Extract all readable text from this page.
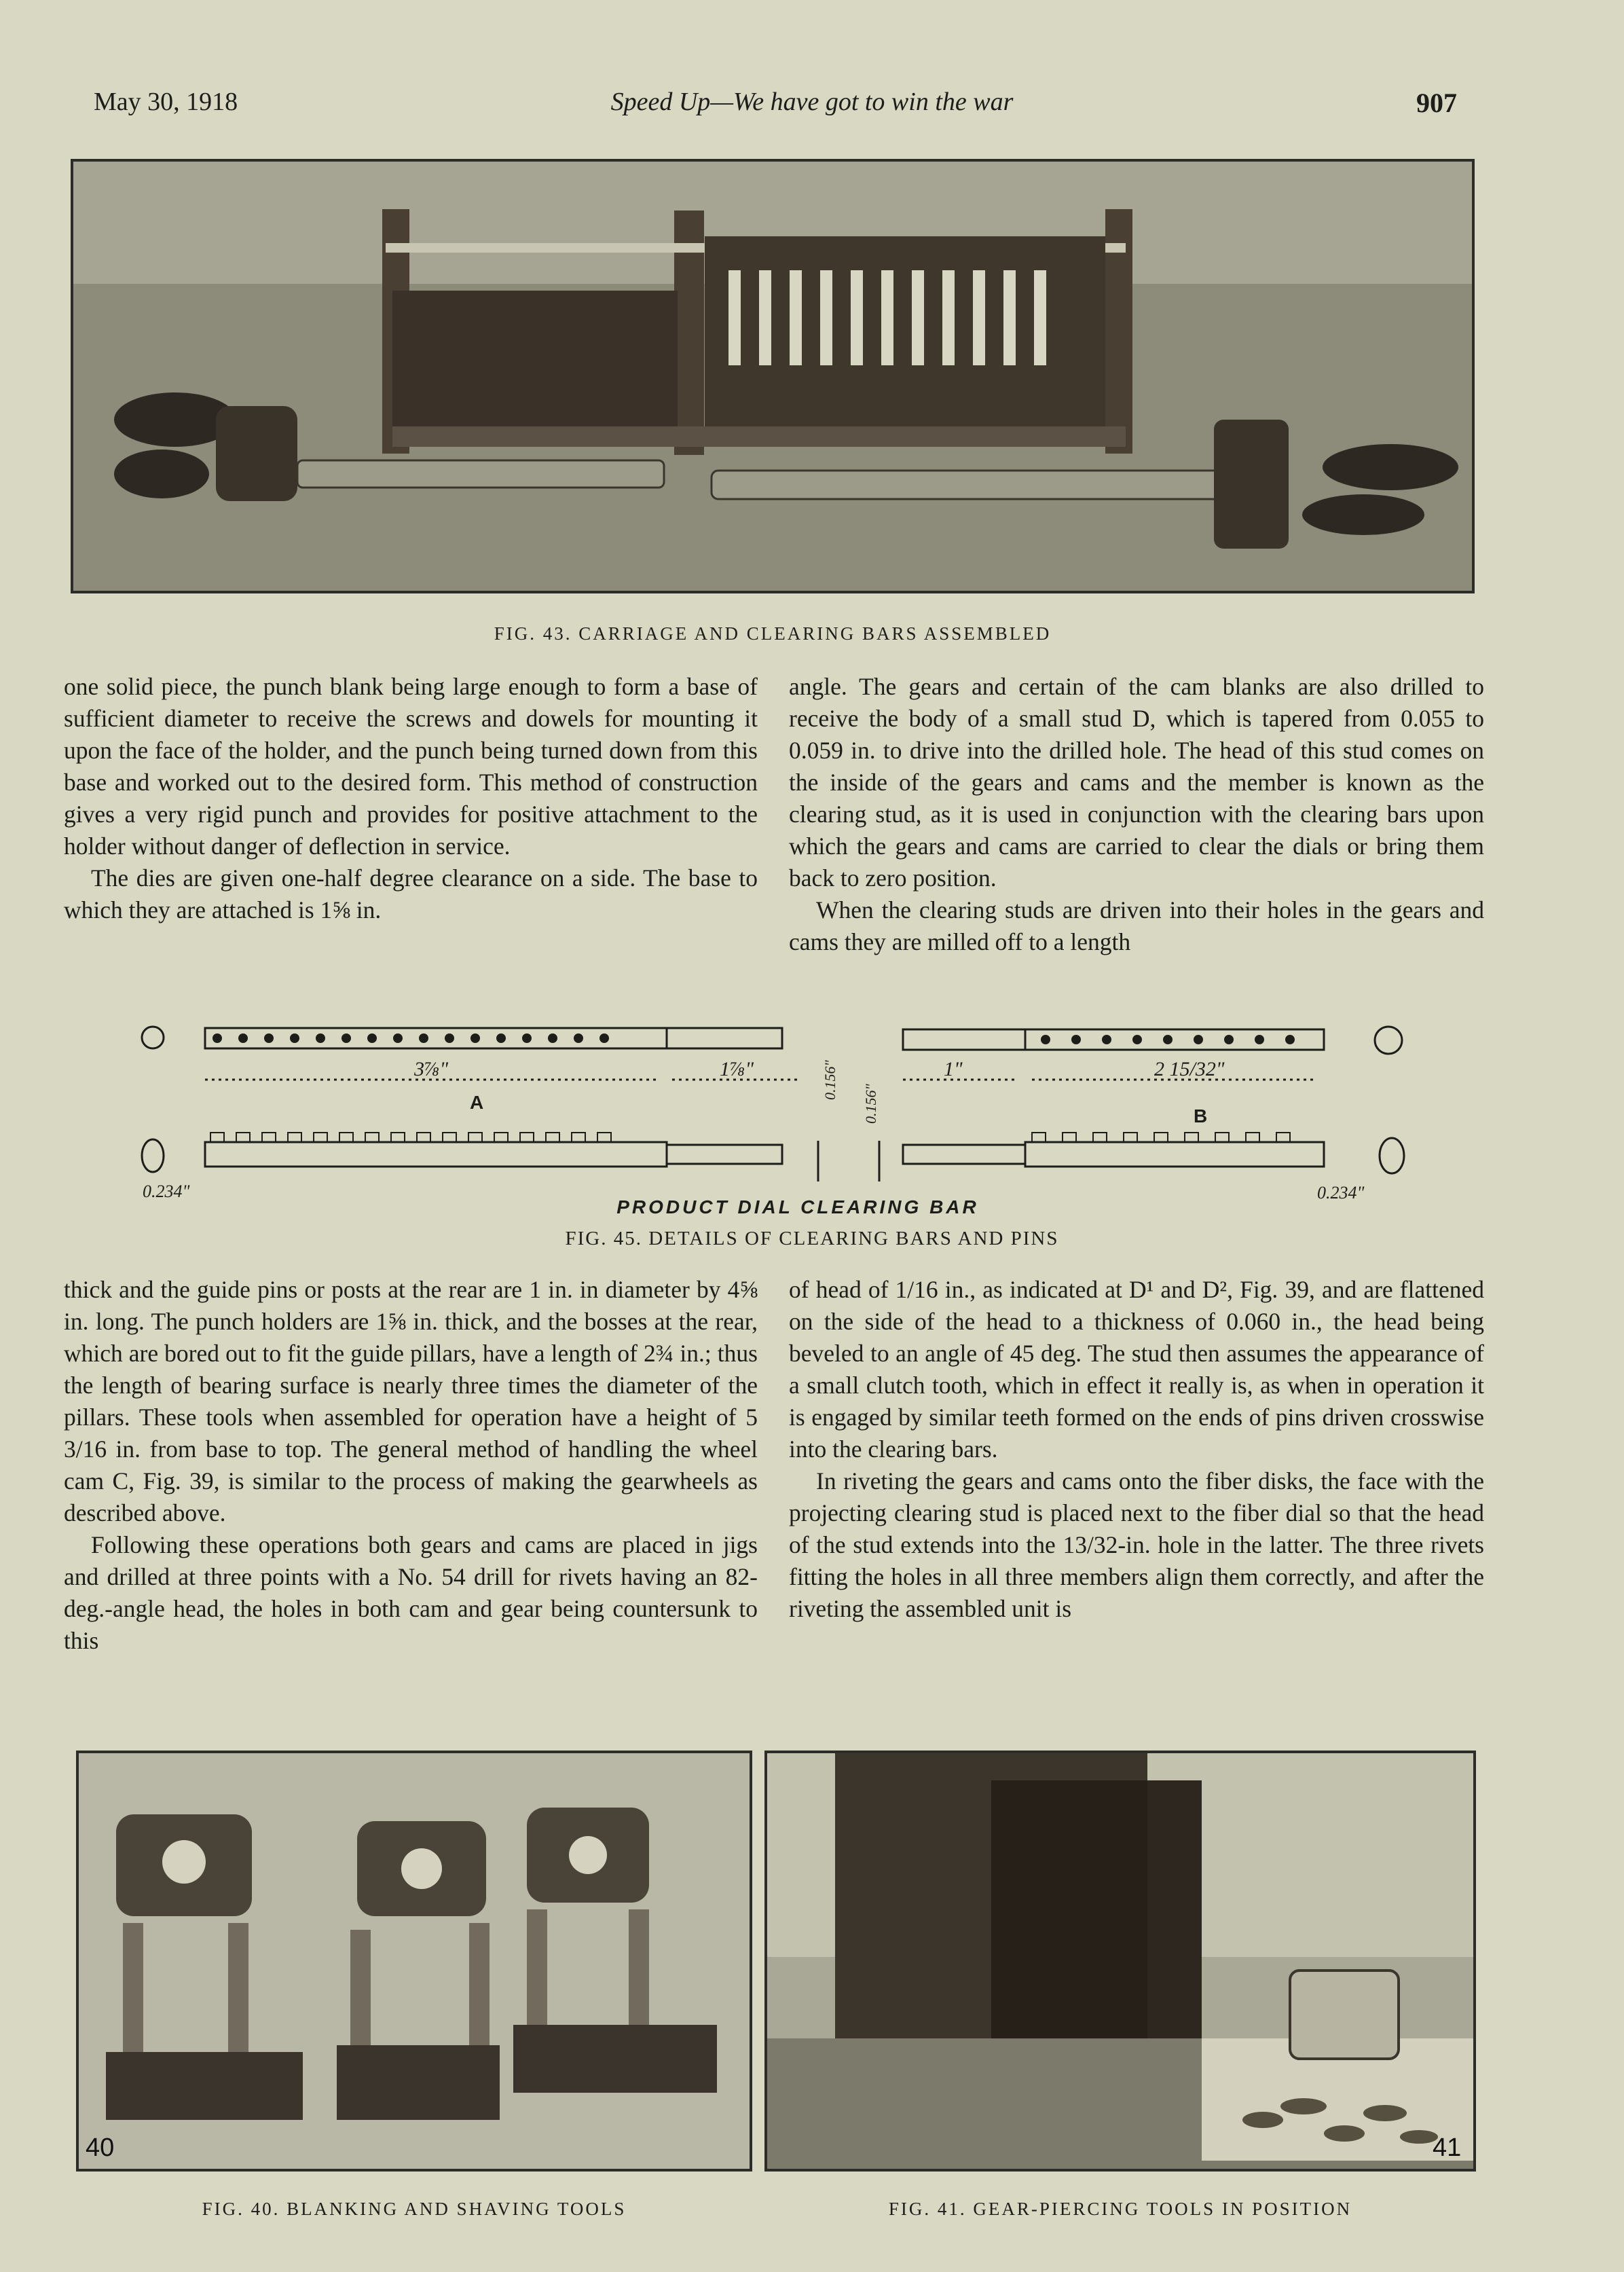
May 30, 1918	Speed Up—We have got to win the war	907
FIG. 43. CARRIAGE AND CLEARING BARS ASSEMBLED

one solid piece, the punch blank being large enough to form a base of sufficient diameter to receive the screws and dowels for mounting it upon the face of the holder, and the punch being turned down from this base and worked out to the desired form. This method of construction gives a very rigid punch and provides for positive attachment to the holder without danger of deflection in service.

The dies are given one-half degree clearance on a side. The base to which they are attached is 1⅝ in.

angle. The gears and certain of the cam blanks are also drilled to receive the body of a small stud D, which is tapered from 0.055 to 0.059 in. to drive into the drilled hole. The head of this stud comes on the inside of the gears and cams and the member is known as the clearing stud, as it is used in conjunction with the clearing bars upon which the gears and cams are carried to clear the dials or bring them back to zero position.

When the clearing studs are driven into their holes in the gears and cams they are milled off to a length

3⅞"	1⅞"	1"	2 15/32"
A
B
0.156"
0.156"
0.234"	0.234"
PRODUCT DIAL CLEARING BAR
FIG. 45. DETAILS OF CLEARING BARS AND PINS

thick and the guide pins or posts at the rear are 1 in. in diameter by 4⅝ in. long. The punch holders are 1⅝ in. thick, and the bosses at the rear, which are bored out to fit the guide pillars, have a length of 2¾ in.; thus the length of bearing surface is nearly three times the diameter of the pillars. These tools when assembled for operation have a height of 5 3/16 in. from base to top. The general method of handling the wheel cam C, Fig. 39, is similar to the process of making the gearwheels as described above.

Following these operations both gears and cams are placed in jigs and drilled at three points with a No. 54 drill for rivets having an 82-deg.-angle head, the holes in both cam and gear being countersunk to this

of head of 1/16 in., as indicated at D¹ and D², Fig. 39, and are flattened on the side of the head to a thickness of 0.060 in., the head being beveled to an angle of 45 deg. The stud then assumes the appearance of a small clutch tooth, which in effect it really is, as when in operation it is engaged by similar teeth formed on the ends of pins driven crosswise into the clearing bars.

In riveting the gears and cams onto the fiber disks, the face with the projecting clearing stud is placed next to the fiber dial so that the head of the stud extends into the 13/32-in. hole in the latter. The three rivets fitting the holes in all three members align them correctly, and after the riveting the assembled unit is

40
FIG. 40. BLANKING AND SHAVING TOOLS
41
FIG. 41. GEAR-PIERCING TOOLS IN POSITION
